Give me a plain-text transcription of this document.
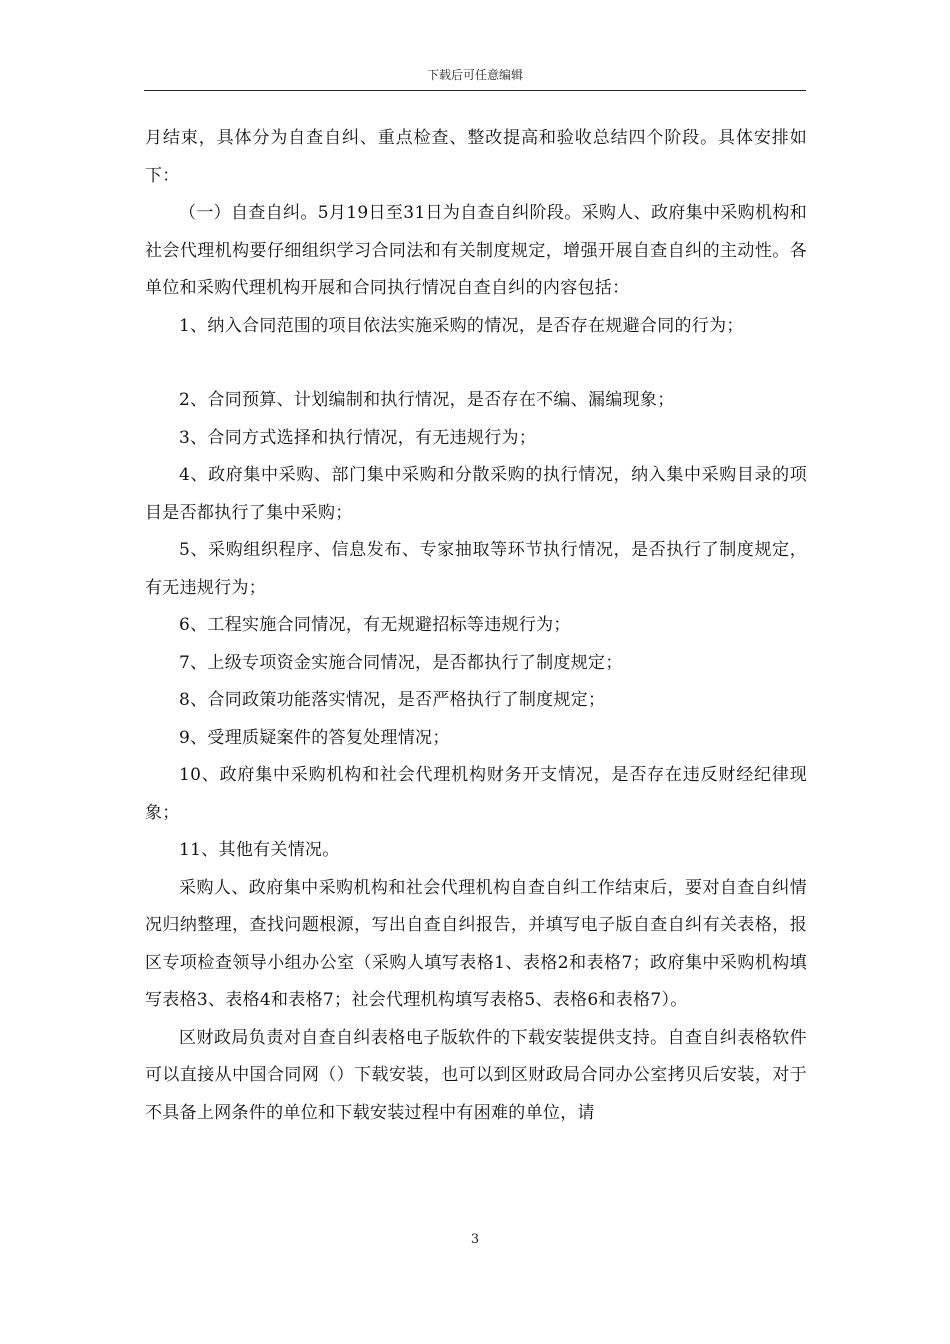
下载后可任意编辑

月结束，具体分为自查自纠、重点检查、整改提高和验收总结四个阶段。具体安排如下：

（一）自查自纠。5月19日至31日为自查自纠阶段。采购人、政府集中采购机构和社会代理机构要仔细组织学习合同法和有关制度规定，增强开展自查自纠的主动性。各单位和采购代理机构开展和合同执行情况自查自纠的内容包括：

1、纳入合同范围的项目依法实施采购的情况，是否存在规避合同的行为；

2、合同预算、计划编制和执行情况，是否存在不编、漏编现象；

3、合同方式选择和执行情况，有无违规行为；

4、政府集中采购、部门集中采购和分散采购的执行情况，纳入集中采购目录的项目是否都执行了集中采购；

5、采购组织程序、信息发布、专家抽取等环节执行情况，是否执行了制度规定，有无违规行为；

6、工程实施合同情况，有无规避招标等违规行为；

7、上级专项资金实施合同情况，是否都执行了制度规定；

8、合同政策功能落实情况，是否严格执行了制度规定；

9、受理质疑案件的答复处理情况；

10、政府集中采购机构和社会代理机构财务开支情况，是否存在违反财经纪律现象；

11、其他有关情况。

采购人、政府集中采购机构和社会代理机构自查自纠工作结束后，要对自查自纠情况归纳整理，查找问题根源，写出自查自纠报告，并填写电子版自查自纠有关表格，报区专项检查领导小组办公室（采购人填写表格1、表格2和表格7；政府集中采购机构填写表格3、表格4和表格7；社会代理机构填写表格5、表格6和表格7）。

区财政局负责对自查自纠表格电子版软件的下载安装提供支持。自查自纠表格软件可以直接从中国合同网（）下载安装，也可以到区财政局合同办公室拷贝后安装，对于不具备上网条件的单位和下载安装过程中有困难的单位，请

3
